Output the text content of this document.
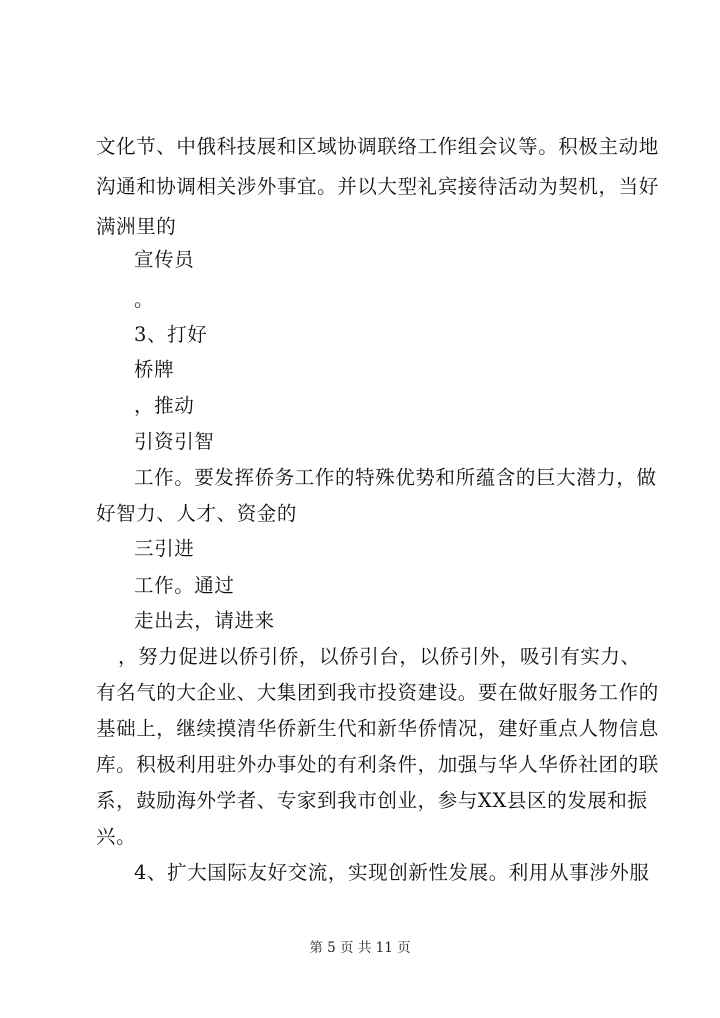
文化节、中俄科技展和区域协调联络工作组会议等。积极主动地
沟通和协调相关涉外事宜。并以大型礼宾接待活动为契机，当好
满洲里的
宣传员
。
3、打好
桥牌
，推动
引资引智
工作。要发挥侨务工作的特殊优势和所蕴含的巨大潜力，做
好智力、人才、资金的
三引进
工作。通过
走出去，请进来
，努力促进以侨引侨，以侨引台，以侨引外，吸引有实力、
有名气的大企业、大集团到我市投资建设。要在做好服务工作的
基础上，继续摸清华侨新生代和新华侨情况，建好重点人物信息
库。积极利用驻外办事处的有利条件，加强与华人华侨社团的联
系，鼓励海外学者、专家到我市创业，参与XX县区的发展和振
兴。
4、扩大国际友好交流，实现创新性发展。利用从事涉外服
第 5 页 共 11 页
